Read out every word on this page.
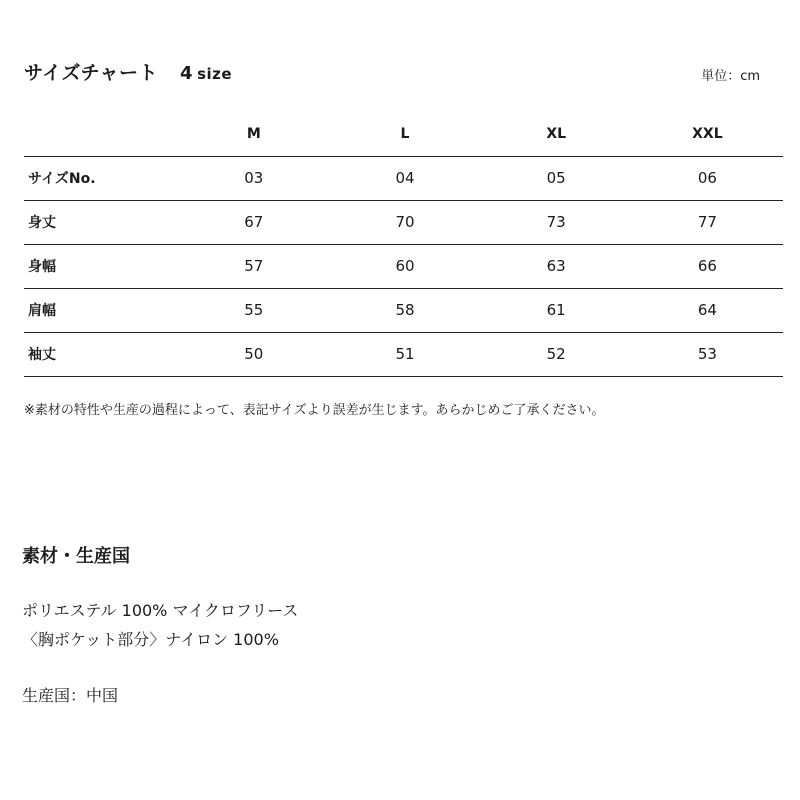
サイズチャート 4 size	単位：cm
	M	L	XL	XXL
サイズNo.	03	04	05	06
身丈	67	70	73	77
身幅	57	60	63	66
肩幅	55	58	61	64
袖丈	50	51	52	53
※素材の特性や生産の過程によって、表記サイズより誤差が生じます。あらかじめご了承ください。
素材・生産国
ポリエステル 100% マイクロフリース
〈胸ポケット部分〉ナイロン 100%
生産国：中国
